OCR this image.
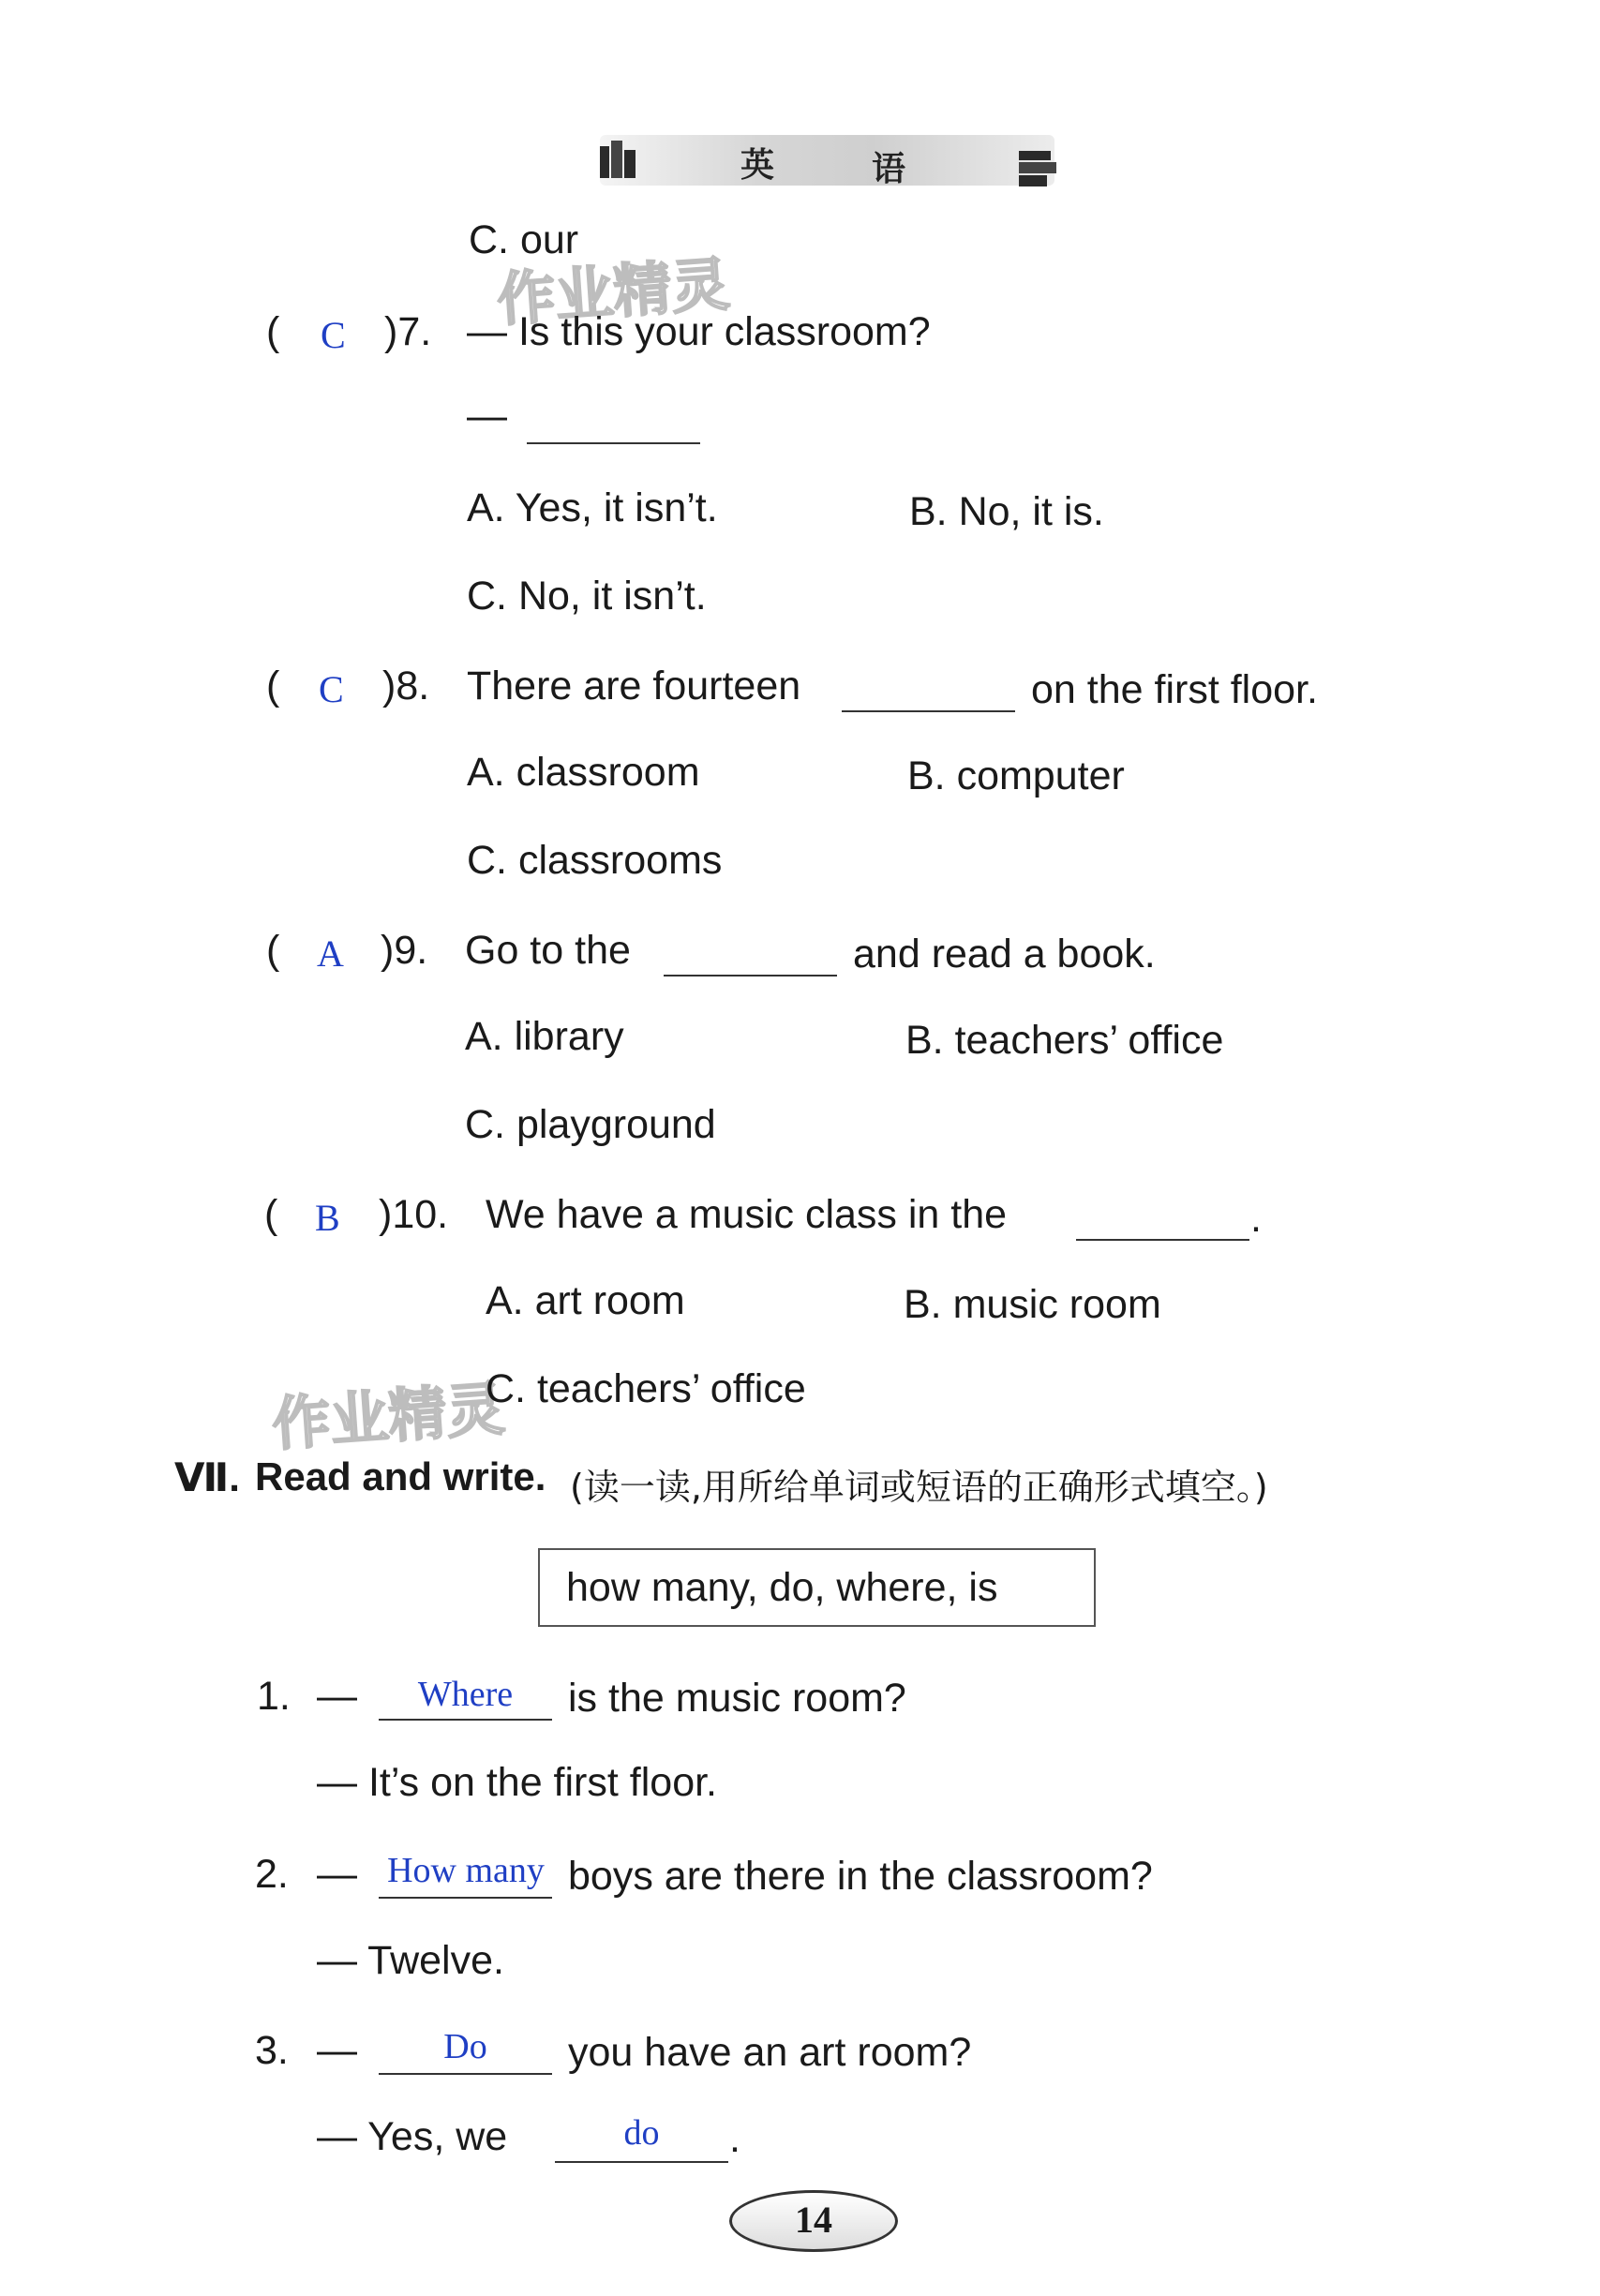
英	语
作业精灵
作业精灵
C. our
( C )7. — Is this your classroom?
—
A. Yes, it isn’t.	B. No, it is.
C. No, it isn’t.
( C )8. There are fourteen	on the first floor.
A. classroom	B. computer
C. classrooms
( A )9. Go to the	and read a book.
A. library	B. teachers’ office
C. playground
( B )10. We have a music class in the	.
A. art room	B. music room
C. teachers’ office
Ⅶ. Read and write. (读一读,用所给单词或短语的正确形式填空。)
how many, do, where, is
1. —	Where	is the music room?
— It’s on the first floor.
2. — How many boys are there in the classroom?
— Twelve.
3. —	Do	you have an art room?
— Yes, we	do	.
14
